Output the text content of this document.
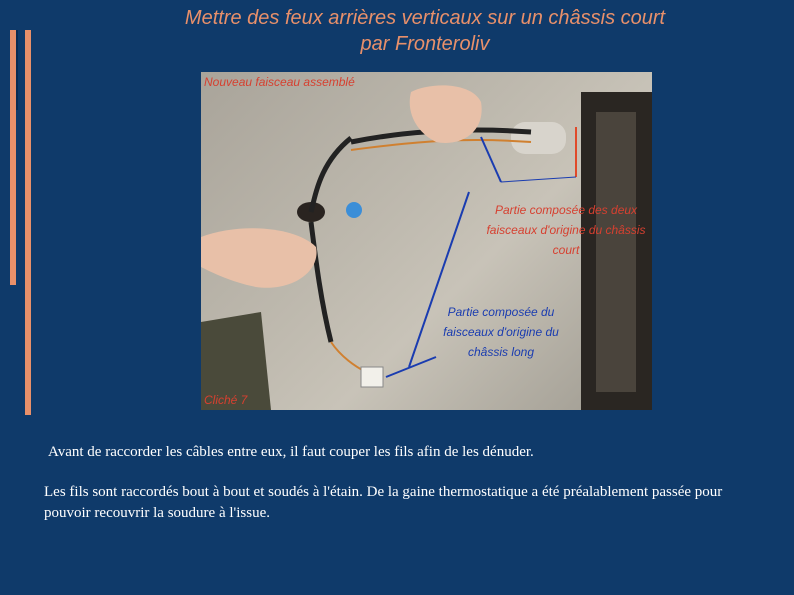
Mettre des feux arrières verticaux sur un châssis court
par Fronteroliv
Nouveau faisceau assemblé
Partie composée des deux faisceaux d'origine du châssis court
Partie composée du faisceaux d'origine du châssis long
Cliché 7
Avant de raccorder les câbles entre eux, il faut couper les fils afin de les dénuder.
Les fils sont raccordés bout à bout et soudés à l'étain. De la gaine thermostatique a été préalablement passée pour pouvoir recouvrir la soudure à l'issue.
